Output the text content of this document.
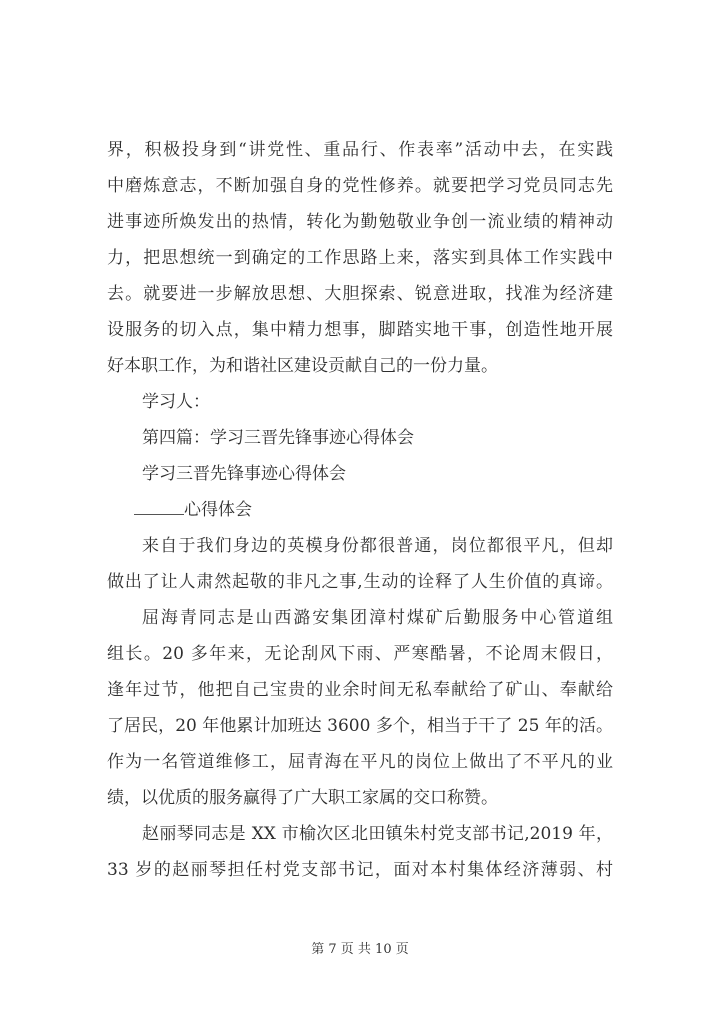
界，积极投身到“讲党性、重品行、作表率”活动中去，在实践
中磨炼意志，不断加强自身的党性修养。就要把学习党员同志先
进事迹所焕发出的热情，转化为勤勉敬业争创一流业绩的精神动
力，把思想统一到确定的工作思路上来，落实到具体工作实践中
去。就要进一步解放思想、大胆探索、锐意进取，找准为经济建
设服务的切入点，集中精力想事，脚踏实地干事，创造性地开展
好本职工作，为和谐社区建设贡献自己的一份力量。
学习人：
第四篇：学习三晋先锋事迹心得体会
学习三晋先锋事迹心得体会
心得体会
来自于我们身边的英模身份都很普通，岗位都很平凡，但却
做出了让人肃然起敬的非凡之事,生动的诠释了人生价值的真谛。
屈海青同志是山西潞安集团漳村煤矿后勤服务中心管道组
组长。20 多年来，无论刮风下雨、严寒酷暑，不论周末假日，
逢年过节，他把自己宝贵的业余时间无私奉献给了矿山、奉献给
了居民，20 年他累计加班达 3600 多个，相当于干了 25 年的活。
作为一名管道维修工，屈青海在平凡的岗位上做出了不平凡的业
绩，以优质的服务赢得了广大职工家属的交口称赞。
赵丽琴同志是 XX 市榆次区北田镇朱村党支部书记,2019 年，
33 岁的赵丽琴担任村党支部书记，面对本村集体经济薄弱、村
第 7 页 共 10 页
